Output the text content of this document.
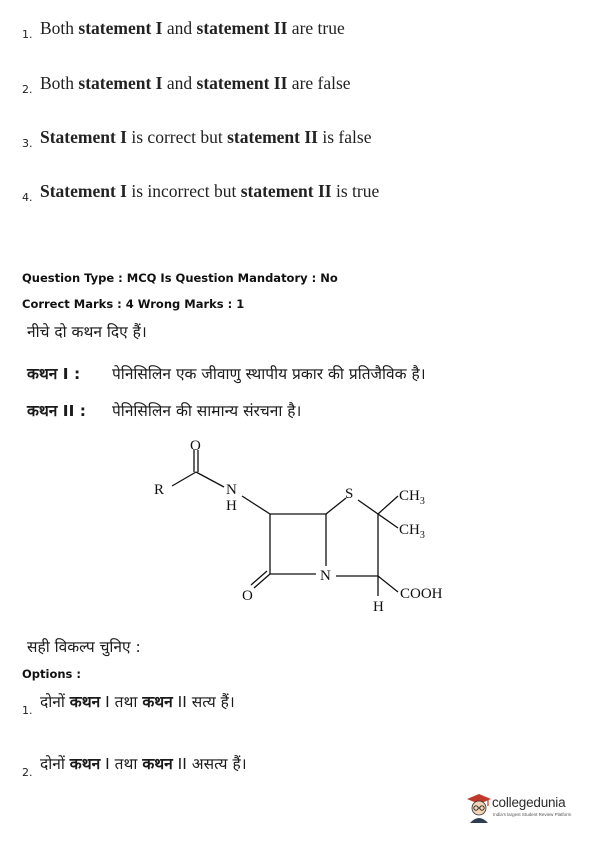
1. Both statement I and statement II are true
2. Both statement I and statement II are false
3. Statement I is correct but statement II is false
4. Statement I is incorrect but statement II is true
Question Type : MCQ Is Question Mandatory : No
Correct Marks : 4 Wrong Marks : 1
नीचे दो कथन दिए हैं।
कथन I : पेनिसिलिन एक जीवाणु स्थापीय प्रकार की प्रतिजैविक है।
कथन II : पेनिसिलिन की सामान्य संरचना है।
O
R	N
H
S	$CH_3$
$CH_3$
N
O	COOH
H
सही विकल्प चुनिए :
Options :
1. दोनों कथन I तथा कथन II सत्य हैं।
2. दोनों कथन I तथा कथन II असत्य हैं।
collegedunia
India's largest Student Review Platform
